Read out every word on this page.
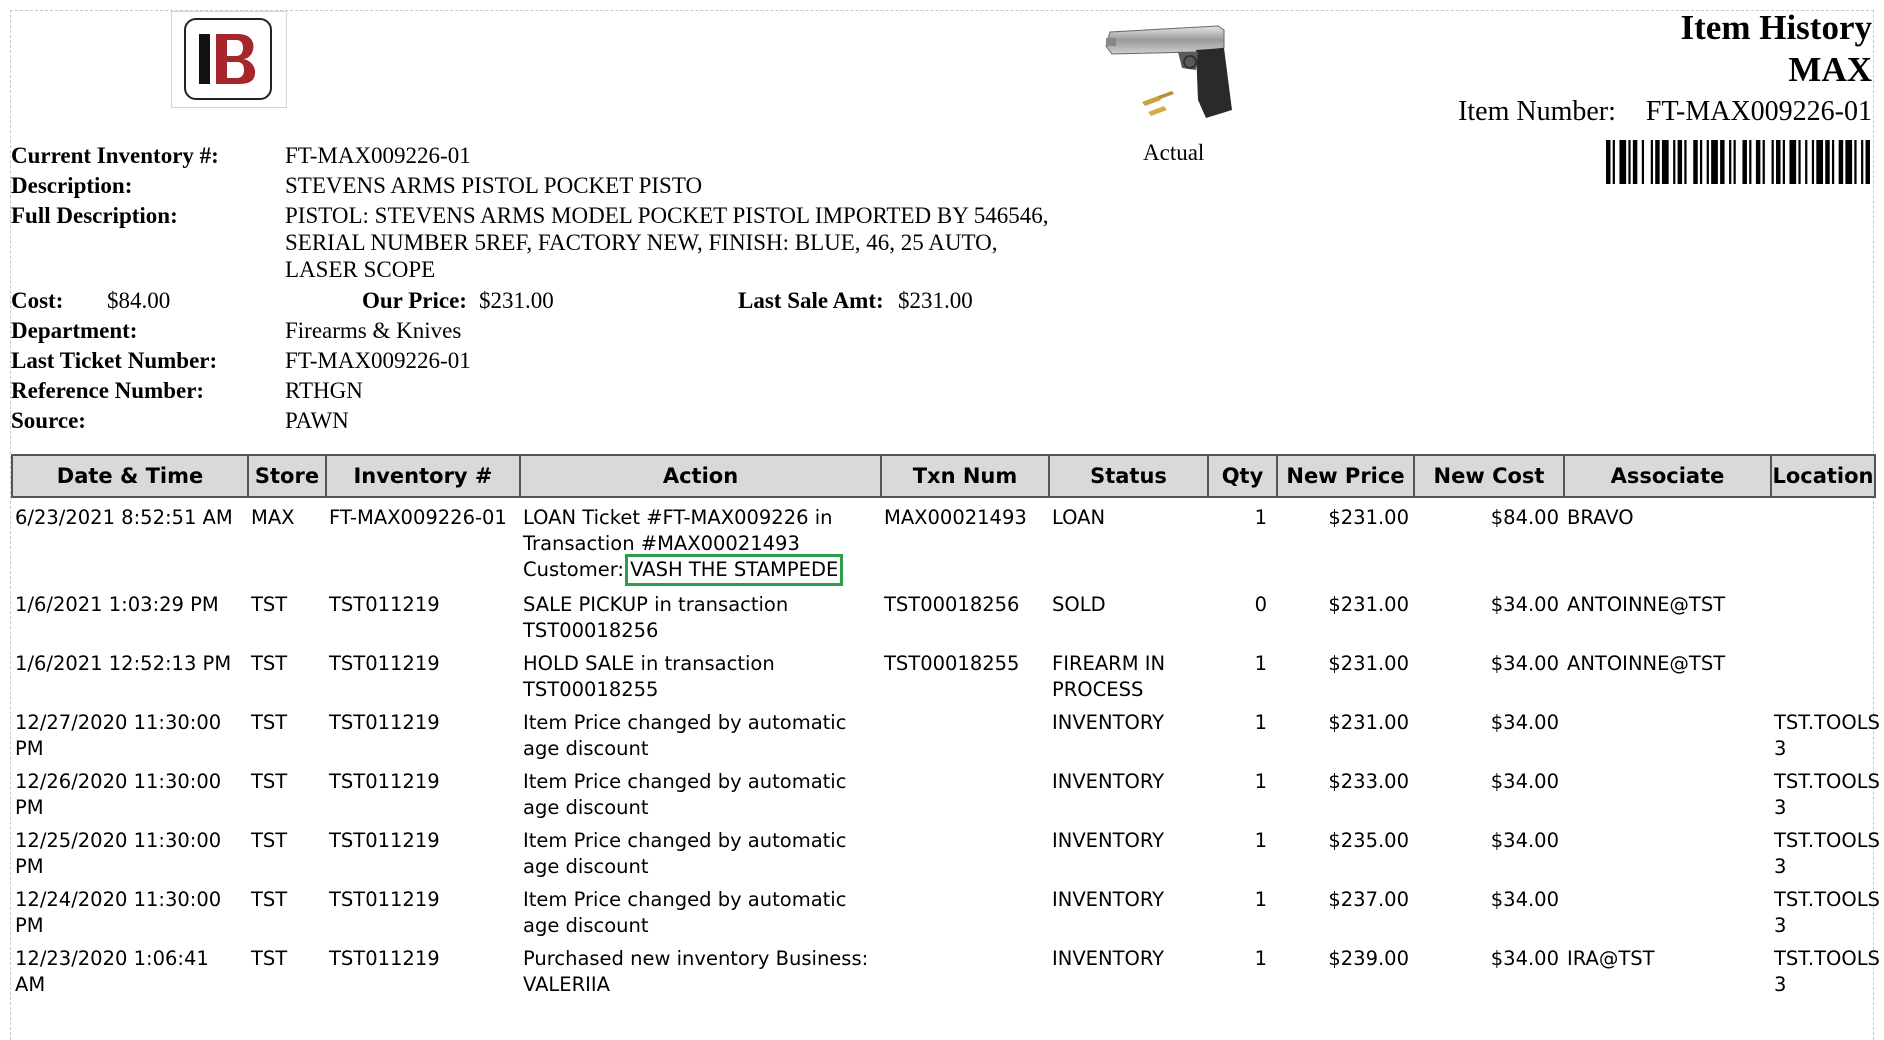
Actual
Item History
MAX
Item Number: FT-MAX009226-01
Current Inventory #:	FT-MAX009226-01
Description:	STEVENS ARMS PISTOL POCKET PISTO
Full Description:	PISTOL: STEVENS ARMS MODEL POCKET PISTOL IMPORTED BY 546546,
SERIAL NUMBER 5REF, FACTORY NEW, FINISH: BLUE, 46, 25 AUTO,
LASER SCOPE
Cost: $84.00	Our Price: $231.00	Last Sale Amt: $231.00
Department:	Firearms & Knives
Last Ticket Number:	FT-MAX009226-01
Reference Number:	RTHGN
Source:	PAWN
Date & Time	Store	Inventory #	Action	Txn Num	Status	Qty	New Price	New Cost	Associate	Location
6/23/2021 8:52:51 AM	MAX	FT-MAX009226-01	LOAN Ticket #FT-MAX009226 in Transaction #MAX00021493 Customer: VASH THE STAMPEDE	MAX00021493	LOAN	1	$231.00	$84.00	BRAVO	
1/6/2021 1:03:29 PM	TST	TST011219	SALE PICKUP in transaction TST00018256	TST00018256	SOLD	0	$231.00	$34.00	ANTOINNE@TST	
1/6/2021 12:52:13 PM	TST	TST011219	HOLD SALE in transaction TST00018255	TST00018255	FIREARM IN PROCESS	1	$231.00	$34.00	ANTOINNE@TST	
12/27/2020 11:30:00 PM	TST	TST011219	Item Price changed by automatic age discount		INVENTORY	1	$231.00	$34.00		TST.TOOLS 3
12/26/2020 11:30:00 PM	TST	TST011219	Item Price changed by automatic age discount		INVENTORY	1	$233.00	$34.00		TST.TOOLS 3
12/25/2020 11:30:00 PM	TST	TST011219	Item Price changed by automatic age discount		INVENTORY	1	$235.00	$34.00		TST.TOOLS 3
12/24/2020 11:30:00 PM	TST	TST011219	Item Price changed by automatic age discount		INVENTORY	1	$237.00	$34.00		TST.TOOLS 3
12/23/2020 1:06:41 AM	TST	TST011219	Purchased new inventory Business: VALERIIA		INVENTORY	1	$239.00	$34.00	IRA@TST	TST.TOOLS 3
